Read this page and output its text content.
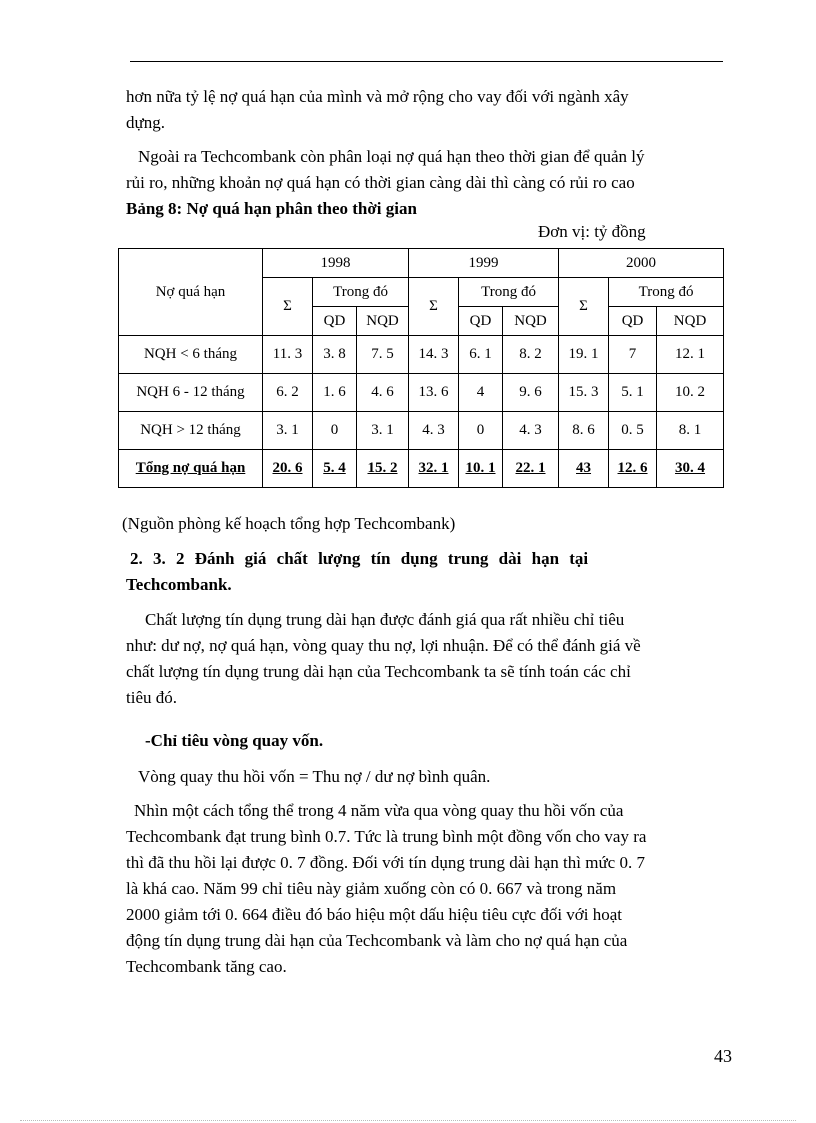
hơn nữa tỷ lệ nợ quá hạn của mình và mở rộng cho vay đối với ngành xây

dựng.

Ngoài ra Techcombank còn phân loại nợ quá hạn theo thời gian để quản lý

rủi ro, những khoản nợ quá hạn có thời gian càng dài thì càng có rủi ro cao

Bảng 8: Nợ quá hạn phân theo thời gian

Đơn vị: tỷ đồng
Nợ quá hạn	1998			1999			2000		
	Σ	Trong đó		Σ	Trong đó		Σ	Trong đó	
		QD	NQD		QD	NQD		QD	NQD
NQH < 6 tháng	11. 3	3. 8	7. 5	14. 3	6. 1	8. 2	19. 1	7	12. 1
NQH 6 - 12 tháng	6. 2	1. 6	4. 6	13. 6	4	9. 6	15. 3	5. 1	10. 2
NQH > 12 tháng	3. 1	0	3. 1	4. 3	0	4. 3	8. 6	0. 5	8. 1
Tổng nợ quá hạn	20. 6	5. 4	15. 2	32. 1	10. 1	22. 1	43	12. 6	30. 4

(Nguồn phòng kế hoạch tổng hợp Techcombank)

2. 3. 2 Đánh giá chất lượng tín dụng trung dài hạn tại

Techcombank.

Chất lượng tín dụng trung dài hạn được đánh giá qua rất nhiều chỉ tiêu

như: dư nợ, nợ quá hạn, vòng quay thu nợ, lợi nhuận. Để có thể đánh giá về

chất lượng tín dụng trung dài hạn của Techcombank ta sẽ tính toán các chỉ

tiêu đó.

-Chỉ tiêu vòng quay vốn.

Vòng quay thu hồi vốn = Thu nợ / dư nợ bình quân.

Nhìn một cách tổng thể trong 4 năm vừa qua vòng quay thu hồi vốn của

Techcombank đạt trung bình 0.7. Tức là trung bình một đồng vốn cho vay ra

thì đã thu hồi lại được 0. 7 đồng. Đối với tín dụng trung dài hạn thì mức 0. 7

là khá cao. Năm 99 chỉ tiêu này giảm xuống còn có 0. 667 và trong năm

2000 giảm tới 0. 664 điều đó báo hiệu một dấu hiệu tiêu cực đối với hoạt

động tín dụng trung dài hạn của Techcombank và làm cho nợ quá hạn của

Techcombank tăng cao.

43
